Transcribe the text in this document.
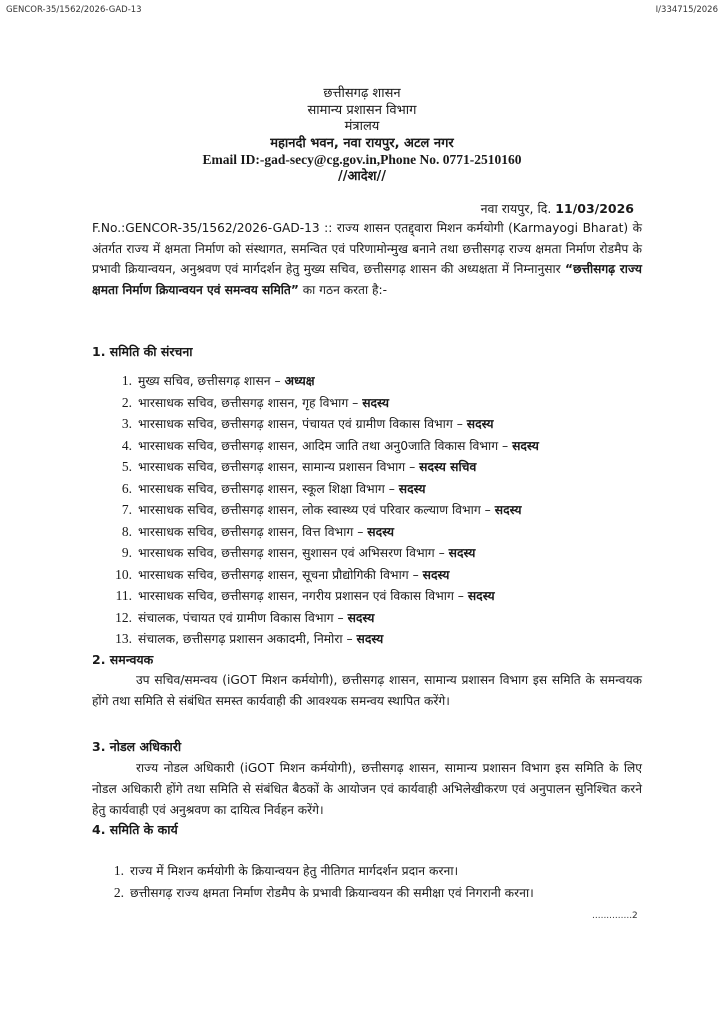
GENCOR-35/1562/2026-GAD-13	I/334715/2026
छत्तीसगढ़ शासन
सामान्य प्रशासन विभाग
मंत्रालय
महानदी भवन, नवा रायपुर, अटल नगर
Email ID:-gad-secy@cg.gov.in,Phone No. 0771-2510160
//आदेश//
नवा रायपुर, दि. 11/03/2026

F.No.:GENCOR-35/1562/2026-GAD-13 :: राज्य शासन एतद्द्वारा मिशन कर्मयोगी (Karmayogi Bharat) के अंतर्गत राज्य में क्षमता निर्माण को संस्थागत, समन्वित एवं परिणामोन्मुख बनाने तथा छत्तीसगढ़ राज्य क्षमता निर्माण रोडमैप के प्रभावी क्रियान्वयन, अनुश्रवण एवं मार्गदर्शन हेतु मुख्य सचिव, छत्तीसगढ़ शासन की अध्यक्षता में निम्नानुसार “छत्तीसगढ़ राज्य क्षमता निर्माण क्रियान्वयन एवं समन्वय समिति” का गठन करता है:-

1. समिति की संरचना
1. मुख्य सचिव, छत्तीसगढ़ शासन – अध्यक्ष
2. भारसाधक सचिव, छत्तीसगढ़ शासन, गृह विभाग – सदस्य
3. भारसाधक सचिव, छत्तीसगढ़ शासन, पंचायत एवं ग्रामीण विकास विभाग – सदस्य
4. भारसाधक सचिव, छत्तीसगढ़ शासन, आदिम जाति तथा अनु0जाति विकास विभाग – सदस्य
5. भारसाधक सचिव, छत्तीसगढ़ शासन, सामान्य प्रशासन विभाग – सदस्य सचिव
6. भारसाधक सचिव, छत्तीसगढ़ शासन, स्कूल शिक्षा विभाग – सदस्य
7. भारसाधक सचिव, छत्तीसगढ़ शासन, लोक स्वास्थ्य एवं परिवार कल्याण विभाग – सदस्य
8. भारसाधक सचिव, छत्तीसगढ़ शासन, वित्त विभाग – सदस्य
9. भारसाधक सचिव, छत्तीसगढ़ शासन, सुशासन एवं अभिसरण विभाग – सदस्य
10. भारसाधक सचिव, छत्तीसगढ़ शासन, सूचना प्रौद्योगिकी विभाग – सदस्य
11. भारसाधक सचिव, छत्तीसगढ़ शासन, नगरीय प्रशासन एवं विकास विभाग – सदस्य
12. संचालक, पंचायत एवं ग्रामीण विकास विभाग – सदस्य
13. संचालक, छत्तीसगढ़ प्रशासन अकादमी, निमोरा – सदस्य
2. समन्वयक
उप सचिव/समन्वय (iGOT मिशन कर्मयोगी), छत्तीसगढ़ शासन, सामान्य प्रशासन विभाग इस समिति के समन्वयक होंगे तथा समिति से संबंधित समस्त कार्यवाही की आवश्यक समन्वय स्थापित करेंगे।
3. नोडल अधिकारी
राज्य नोडल अधिकारी (iGOT मिशन कर्मयोगी), छत्तीसगढ़ शासन, सामान्य प्रशासन विभाग इस समिति के लिए नोडल अधिकारी होंगे तथा समिति से संबंधित बैठकों के आयोजन एवं कार्यवाही अभिलेखीकरण एवं अनुपालन सुनिश्चित करने हेतु कार्यवाही एवं अनुश्रवण का दायित्व निर्वहन करेंगे।
4. समिति के कार्य
1. राज्य में मिशन कर्मयोगी के क्रियान्वयन हेतु नीतिगत मार्गदर्शन प्रदान करना।
2. छत्तीसगढ़ राज्य क्षमता निर्माण रोडमैप के प्रभावी क्रियान्वयन की समीक्षा एवं निगरानी करना।
..............2
